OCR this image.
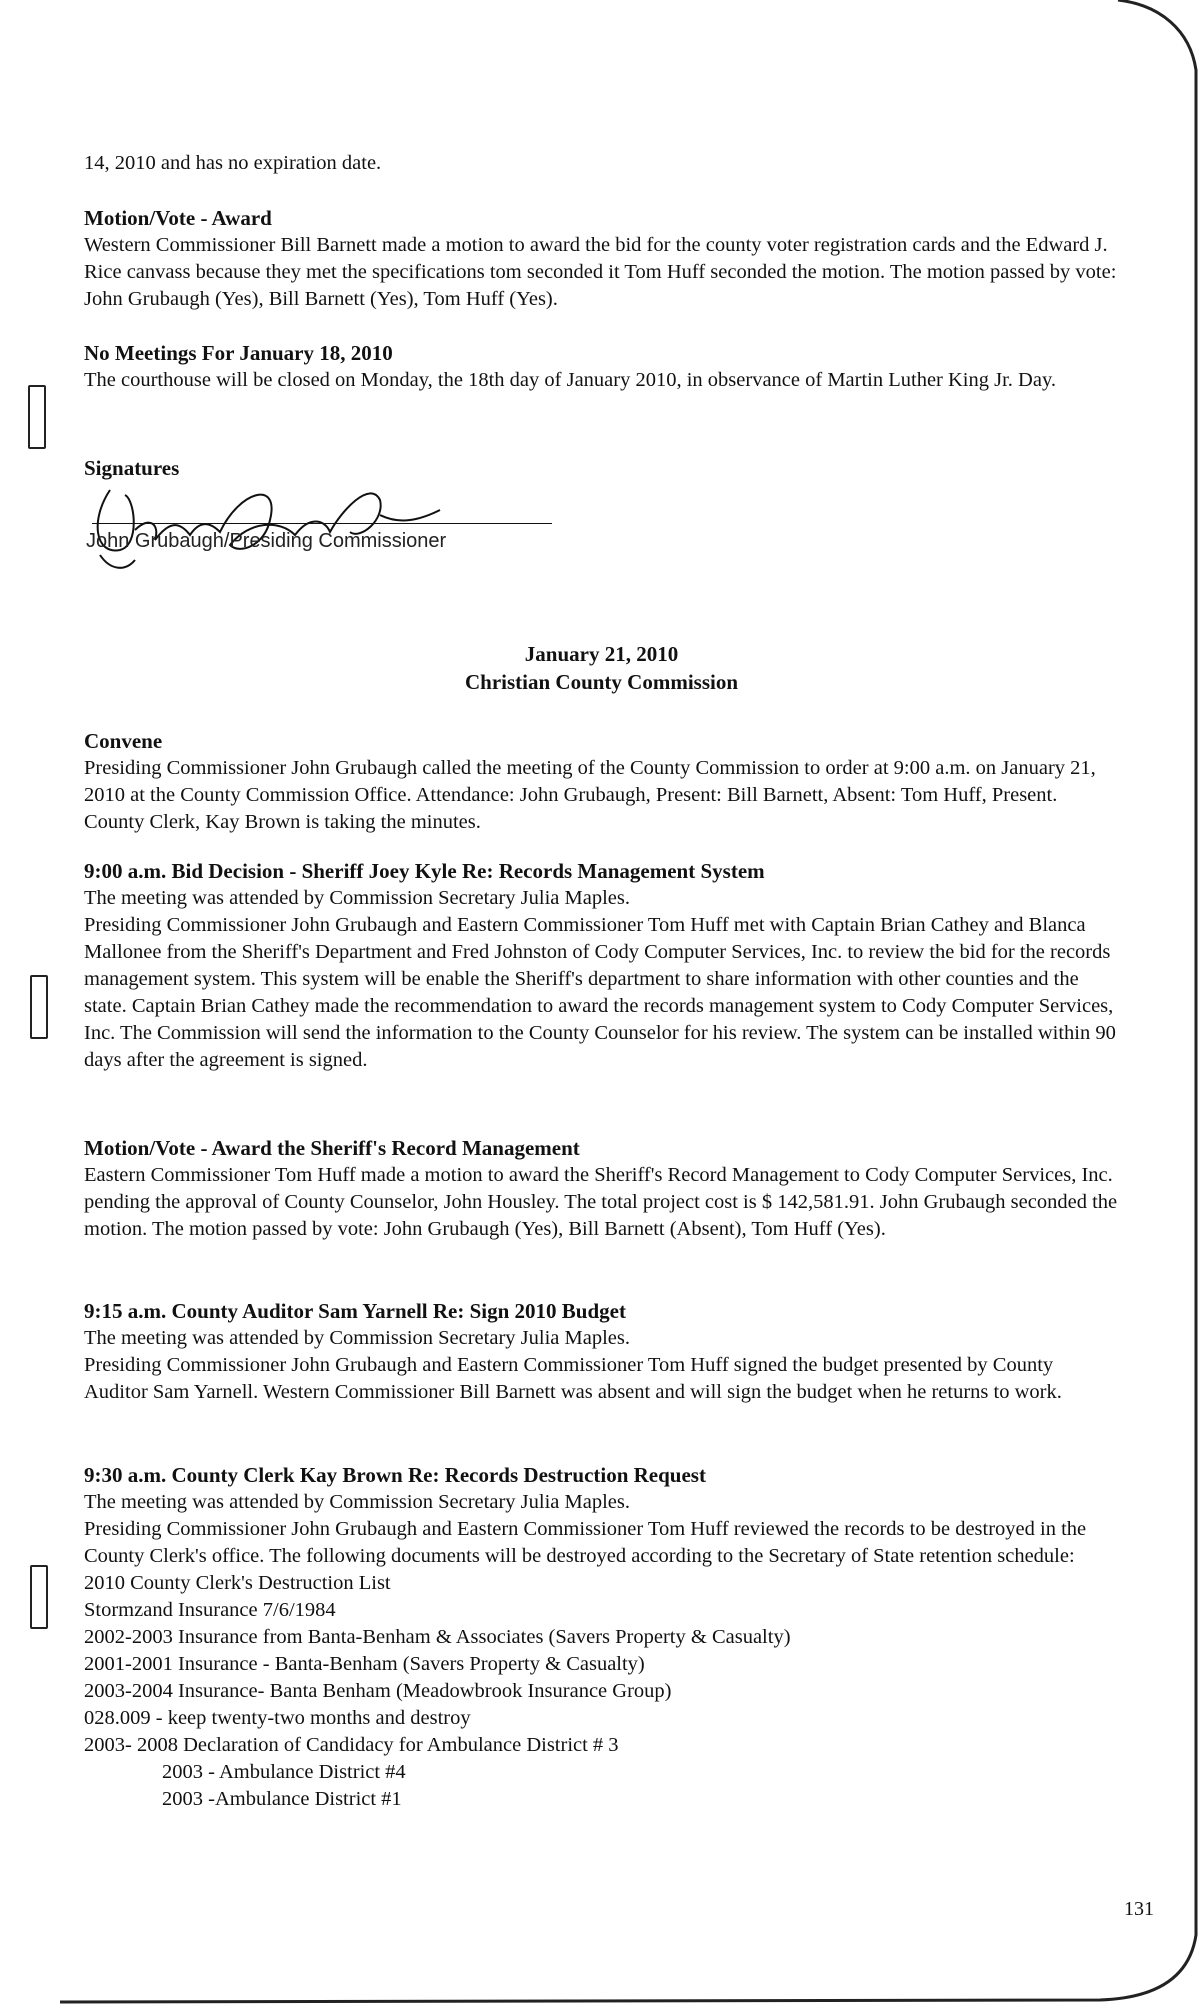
14, 2010 and has no expiration date.

Motion/Vote - Award

Western Commissioner Bill Barnett made a motion to award the bid for the county voter registration cards and the Edward J. Rice canvass because they met the specifications tom seconded it Tom Huff seconded the motion. The motion passed by vote: John Grubaugh (Yes), Bill Barnett (Yes), Tom Huff (Yes).

No Meetings For January 18, 2010

The courthouse will be closed on Monday, the 18th day of January 2010, in observance of Martin Luther King Jr. Day.

Signatures

John Grubaugh/Presiding Commissioner

January 21, 2010

Christian County Commission

Convene

Presiding Commissioner John Grubaugh called the meeting of the County Commission to order at 9:00 a.m. on January 21, 2010 at the County Commission Office. Attendance: John Grubaugh, Present: Bill Barnett, Absent: Tom Huff, Present. County Clerk, Kay Brown is taking the minutes.

9:00 a.m. Bid Decision - Sheriff Joey Kyle Re: Records Management System

The meeting was attended by Commission Secretary Julia Maples.

Presiding Commissioner John Grubaugh and Eastern Commissioner Tom Huff met with Captain Brian Cathey and Blanca Mallonee from the Sheriff's Department and Fred Johnston of Cody Computer Services, Inc. to review the bid for the records management system. This system will be enable the Sheriff's department to share information with other counties and the state. Captain Brian Cathey made the recommendation to award the records management system to Cody Computer Services, Inc. The Commission will send the information to the County Counselor for his review. The system can be installed within 90 days after the agreement is signed.

Motion/Vote - Award the Sheriff's Record Management

Eastern Commissioner Tom Huff made a motion to award the Sheriff's Record Management to Cody Computer Services, Inc. pending the approval of County Counselor, John Housley. The total project cost is $ 142,581.91. John Grubaugh seconded the motion. The motion passed by vote: John Grubaugh (Yes), Bill Barnett (Absent), Tom Huff (Yes).

9:15 a.m. County Auditor Sam Yarnell Re: Sign 2010 Budget

The meeting was attended by Commission Secretary Julia Maples.

Presiding Commissioner John Grubaugh and Eastern Commissioner Tom Huff signed the budget presented by County Auditor Sam Yarnell. Western Commissioner Bill Barnett was absent and will sign the budget when he returns to work.

9:30 a.m. County Clerk Kay Brown Re: Records Destruction Request

The meeting was attended by Commission Secretary Julia Maples.

Presiding Commissioner John Grubaugh and Eastern Commissioner Tom Huff reviewed the records to be destroyed in the County Clerk's office. The following documents will be destroyed according to the Secretary of State retention schedule:

2010 County Clerk's Destruction List

Stormzand Insurance 7/6/1984

2002-2003 Insurance from Banta-Benham & Associates (Savers Property & Casualty)

2001-2001 Insurance - Banta-Benham (Savers Property & Casualty)

2003-2004 Insurance- Banta Benham (Meadowbrook Insurance Group)

028.009 - keep twenty-two months and destroy

2003- 2008 Declaration of Candidacy for Ambulance District # 3

2003 - Ambulance District #4

2003 -Ambulance District #1

131
